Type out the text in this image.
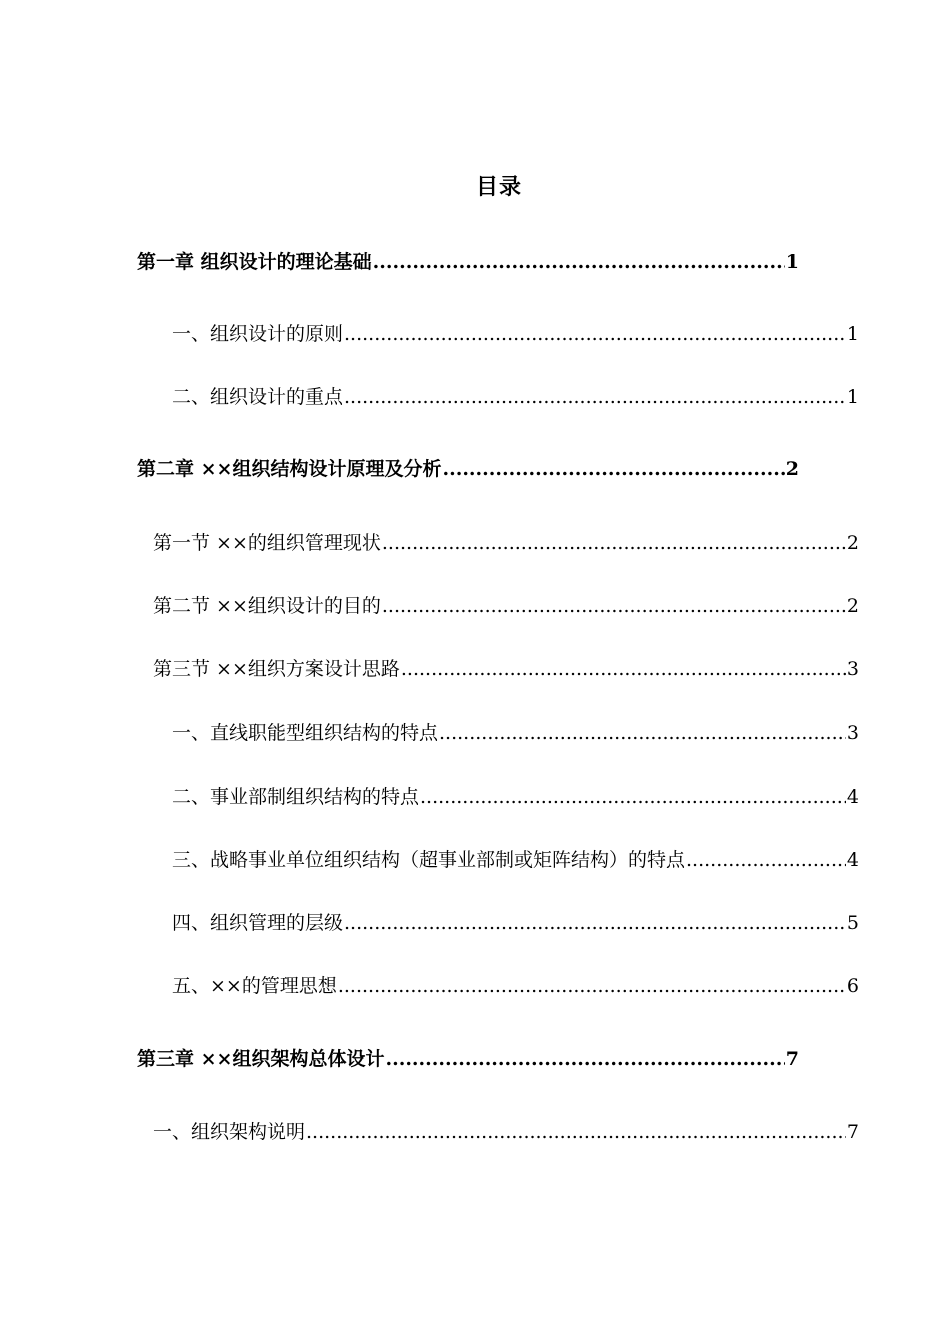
目录
第一章 组织设计的理论基础 .....	1
一、组织设计的原则 .....	1
二、组织设计的重点 .....	1
第二章 ××组织结构设计原理及分析 .....	2
第一节 ××的组织管理现状 .....	2
第二节 ××组织设计的目的 .....	2
第三节 ××组织方案设计思路 .....	3
一、直线职能型组织结构的特点 .....	3
二、事业部制组织结构的特点 .....	4
三、战略事业单位组织结构（超事业部制或矩阵结构）的特点 .....	4
四、组织管理的层级 .....	5
五、××的管理思想 .....	6
第三章 ××组织架构总体设计 .....	7
一、组织架构说明 .....	7
